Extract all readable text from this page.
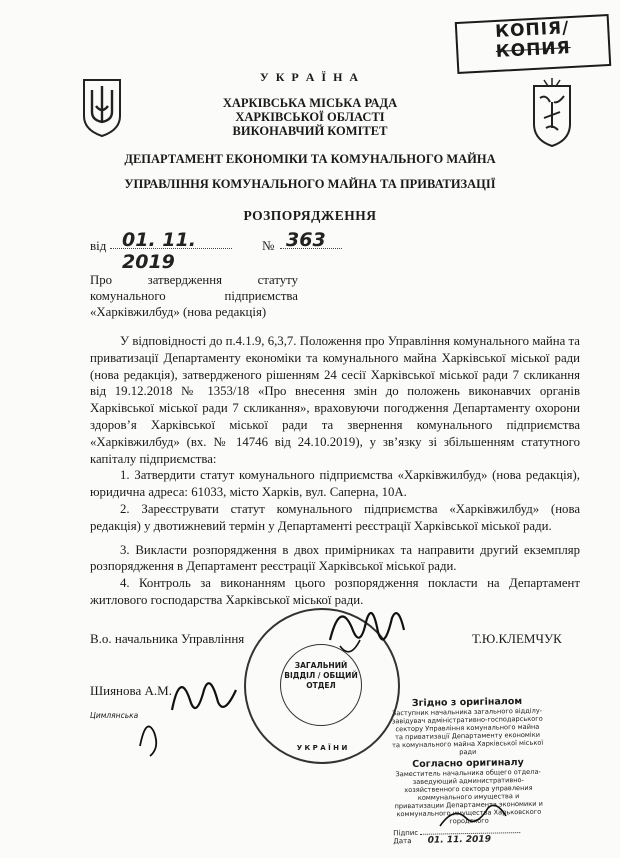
КОПІЯ/
КОПИЯ
У К Р А Ї Н А
ХАРКІВСЬКА МІСЬКА РАДА
ХАРКІВСЬКОЇ ОБЛАСТІ
ВИКОНАВЧИЙ КОМІТЕТ
ДЕПАРТАМЕНТ ЕКОНОМІКИ ТА КОМУНАЛЬНОГО МАЙНА
УПРАВЛІННЯ КОМУНАЛЬНОГО МАЙНА ТА ПРИВАТИЗАЦІЇ
РОЗПОРЯДЖЕННЯ
від 01. 11. 2019
№ 363
Про затвердження статуту
комунального підприємства
«Харківжилбуд» (нова редакція)

У відповідності до п.4.1.9, 6,3,7. Положення про Управління комунального майна та приватизації Департаменту економіки та комунального майна Харківської міської ради (нова редакція), затвердженого рішенням 24 сесії Харківської міської ради 7 скликання від 19.12.2018 № 1353/18 «Про внесення змін до положень виконавчих органів Харківської міської ради 7 скликання», враховуючи погодження Департаменту охорони здоров’я Харківської міської ради та звернення комунального підприємства «Харківжилбуд» (вх. № 14746 від 24.10.2019), у зв’язку зі збільшенням статутного капіталу підприємства:

1. Затвердити статут комунального підприємства «Харківжилбуд» (нова редакція), юридична адреса: 61033, місто Харків, вул. Саперна, 10А.

2. Зареєструвати статут комунального підприємства «Харківжилбуд» (нова редакція) у двотижневий термін у Департаменті реєстрації Харківської міської ради.

3. Викласти розпорядження в двох примірниках та направити другий екземпляр розпорядження в Департамент реєстрації Харківської міської ради.

4. Контроль за виконанням цього розпорядження покласти на Департамент житлового господарства Харківської міської ради.

В.о. начальника Управління	Т.Ю.КЛЕМЧУК
Шиянова А.М.
Цимлянська
ЗАГАЛЬНИЙ ВІДДІЛ / ОБЩИЙ ОТДЕЛ
У К Р А Ї Н И
Згідно з оригіналом
Заступник начальника загального відділу-завідувач адміністративно-господарського сектору Управління комунального майна та приватизації Департаменту економіки та комунального майна Харківської міської ради
Согласно оригиналу
Заместитель начальника общего отдела-заведующий административно-хозяйственного сектора управления коммунального имущества и приватизации Департамента экономики и коммунального имущества Харьковского городского
Підпис
Дата 01. 11. 2019
